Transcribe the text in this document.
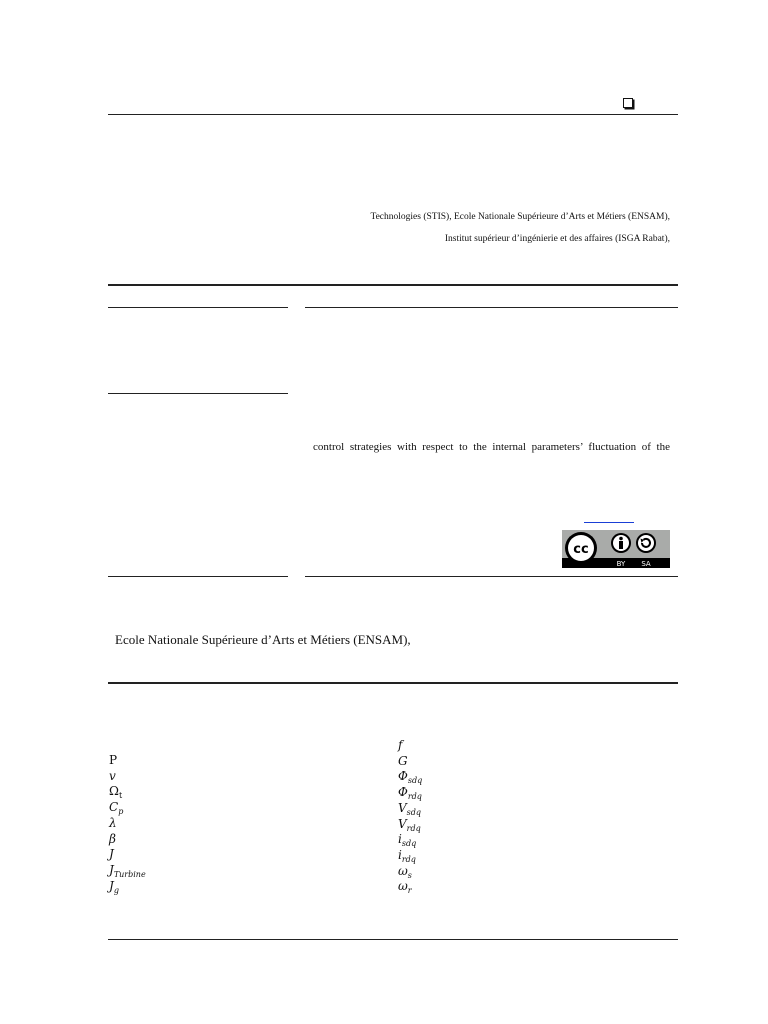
Technologies (STIS), Ecole Nationale Supérieure d’Arts et Métiers (ENSAM),
Institut supérieur d’ingénierie et des affaires (ISGA Rabat),
control strategies with respect to the internal parameters’ fluctuation of the
cc
BY SA
Ecole Nationale Supérieure d’Arts et Métiers (ENSAM),
P
v
$\Omega_t$
$C_p$
λ
β
J
$J_{Turbine}$
$J_g$
f
G
$\Phi_{sdq}$
$\Phi_{rdq}$
$V_{sdq}$
$V_{rdq}$
$i_{sdq}$
$i_{rdq}$
$\omega_s$
$\omega_r$
